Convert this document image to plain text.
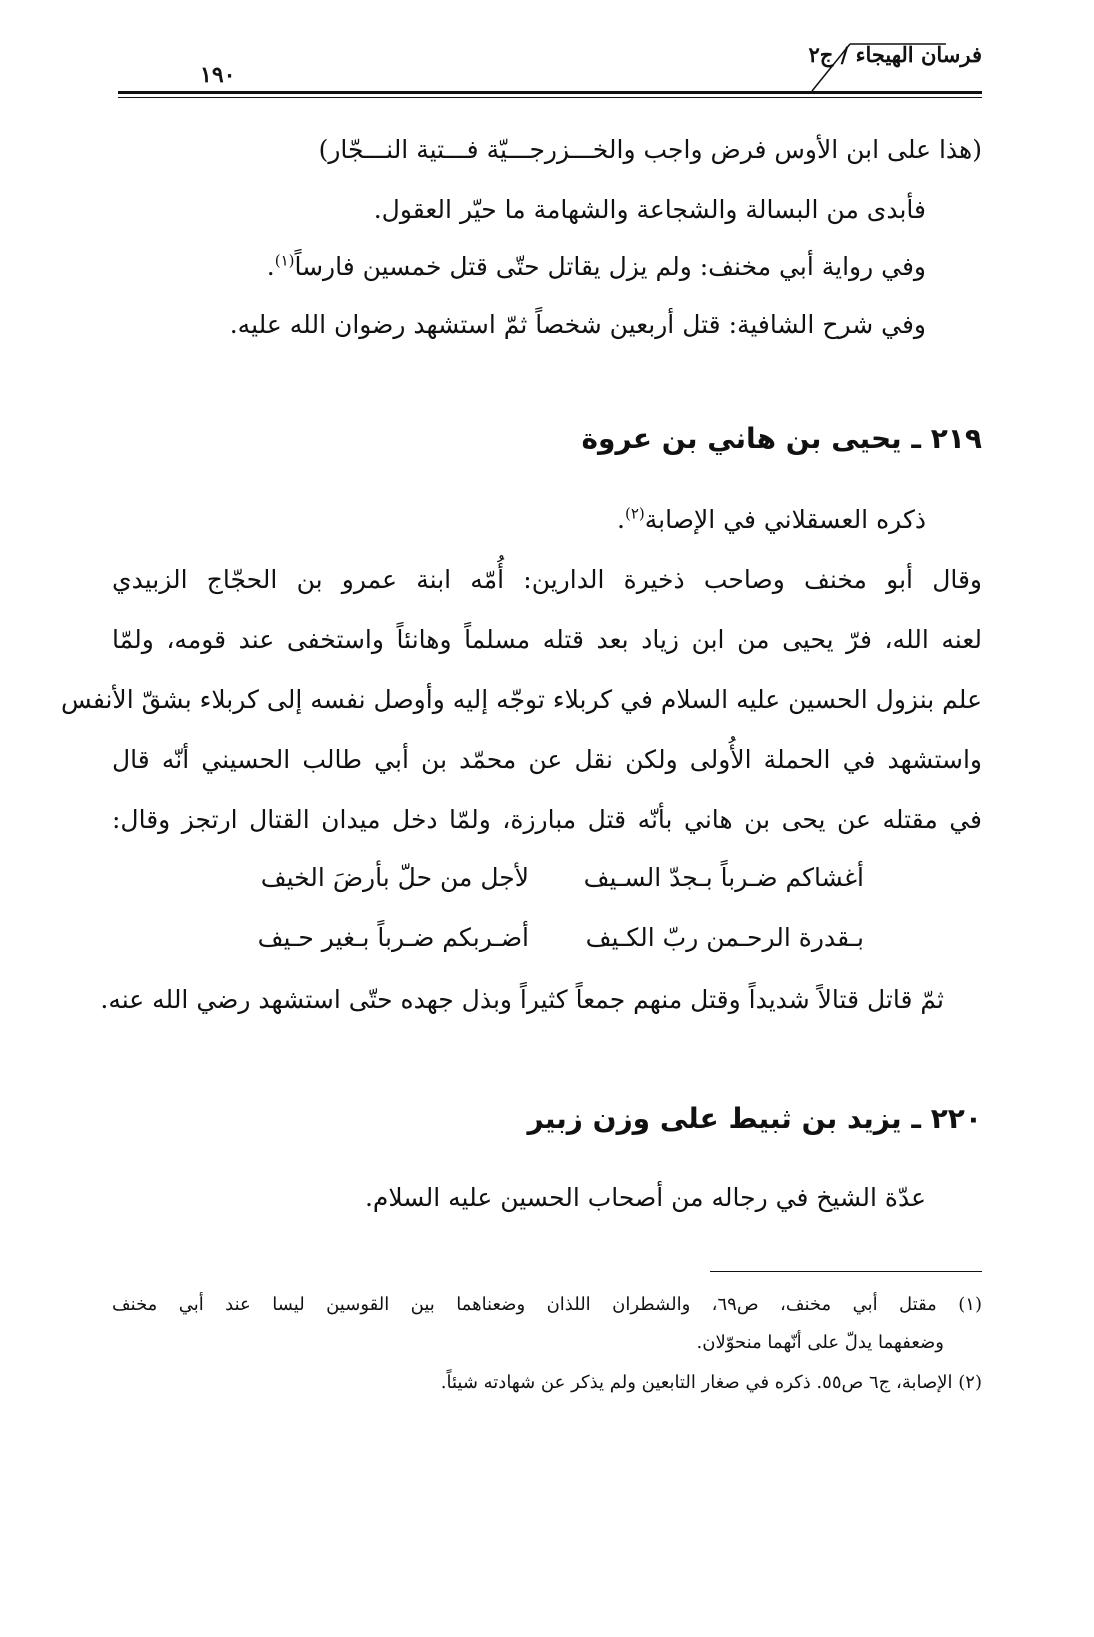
فرسان الهيجاء / ج٢
١٩٠
(هذا على ابن الأوس فرض واجب والخـــزرجـــيّة فـــتية النـــجّار)
فأبدى من البسالة والشجاعة والشهامة ما حيّر العقول.
وفي رواية أبي مخنف: ولم يزل يقاتل حتّى قتل خمسين فارساً$^{(١)}$.
وفي شرح الشافية: قتل أربعين شخصاً ثمّ استشهد رضوان الله عليه.
٢١٩ ـ يحيى بن هاني بن عروة
ذكره العسقلاني في الإصابة$^{(٢)}$.
وقال أبو مخنف وصاحب ذخيرة الدارين: أُمّه ابنة عمرو بن الحجّاج الزبيدي
لعنه الله، فرّ يحيى من ابن زياد بعد قتله مسلماً وهانئاً واستخفى عند قومه، ولمّا
علم بنزول الحسين عليه السلام في كربلاء توجّه إليه وأوصل نفسه إلى كربلاء بشقّ الأنفس
واستشهد في الحملة الأُولى ولكن نقل عن محمّد بن أبي طالب الحسيني أنّه قال
في مقتله عن يحى بن هاني بأنّه قتل مبارزة، ولمّا دخل ميدان القتال ارتجز وقال:
أغشاكم ضـرباً بـجدّ السـيف
لأجل من حلّ بأرضَ الخيف
بـقدرة الرحـمن ربّ الكـيف
أضـربكم ضـرباً بـغير حـيف
ثمّ قاتل قتالاً شديداً وقتل منهم جمعاً كثيراً وبذل جهده حتّى استشهد رضي الله عنه.
٢٢٠ ـ يزيد بن ثبيط على وزن زبير
عدّة الشيخ في رجاله من أصحاب الحسين عليه السلام.
(١) مقتل أبي مخنف، ص٦٩، والشطران اللذان وضعناهما بين القوسين ليسا عند أبي مخنف
وضعفهما يدلّ على أنّهما منحوّلان.
(٢) الإصابة، ج٦ ص٥٥. ذكره في صغار التابعين ولم يذكر عن شهادته شيئاً.
